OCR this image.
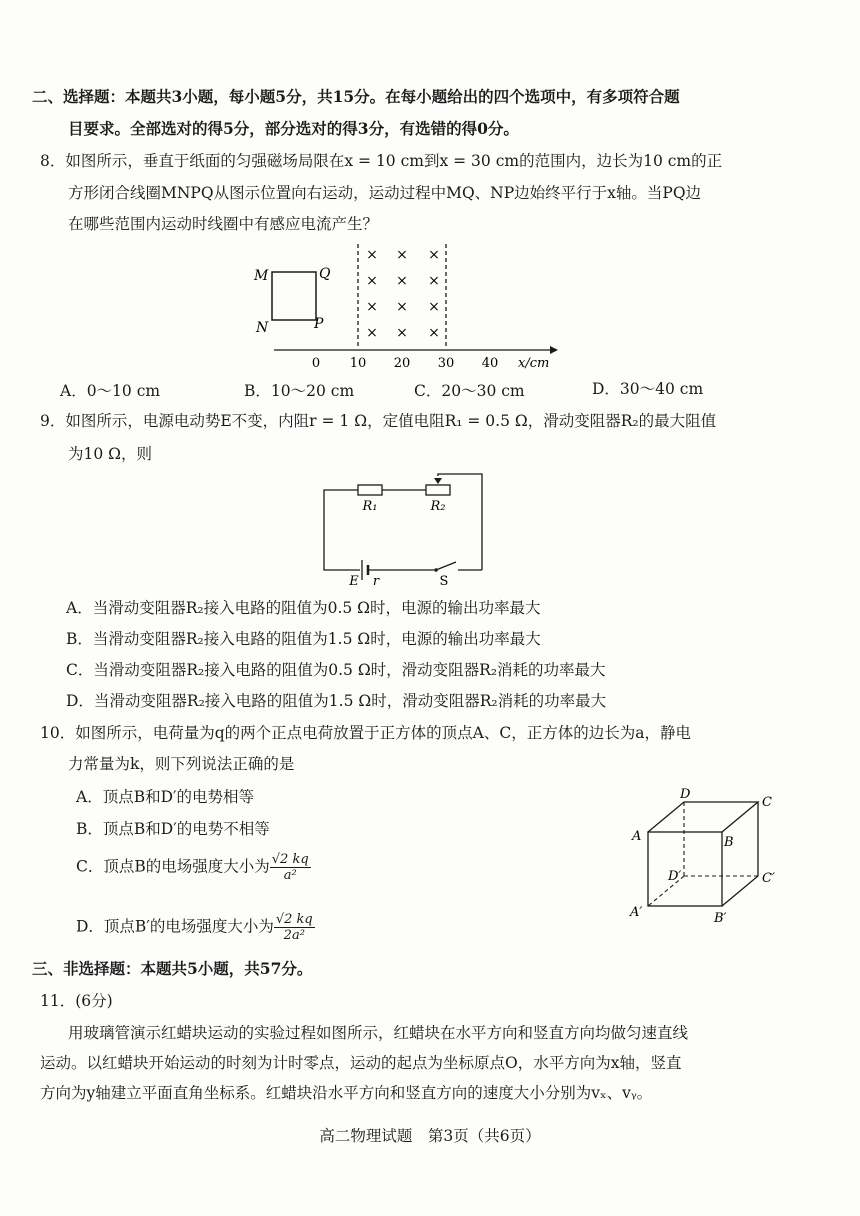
二、选择题：本题共3小题，每小题5分，共15分。在每小题给出的四个选项中，有多项符合题
目要求。全部选对的得5分，部分选对的得3分，有选错的得0分。
8．如图所示，垂直于纸面的匀强磁场局限在x = 10 cm到x = 30 cm的范围内，边长为10 cm的正
方形闭合线圈MNPQ从图示位置向右运动，运动过程中MQ、NP边始终平行于x轴。当PQ边
在哪些范围内运动时线圈中有感应电流产生？
M	Q
N	P
× × ×
× × ×
× × ×
× × ×
0 10 20 30 40 x/cm
A．0～10 cm	B．10～20 cm	C．20～30 cm	D．30～40 cm
9．如图所示，电源电动势E不变，内阻r = 1 Ω，定值电阻R₁ = 0.5 Ω，滑动变阻器R₂的最大阻值
为10 Ω，则
R₁	R₂
E r	S
A．当滑动变阻器R₂接入电路的阻值为0.5 Ω时，电源的输出功率最大
B．当滑动变阻器R₂接入电路的阻值为1.5 Ω时，电源的输出功率最大
C．当滑动变阻器R₂接入电路的阻值为0.5 Ω时，滑动变阻器R₂消耗的功率最大
D．当滑动变阻器R₂接入电路的阻值为1.5 Ω时，滑动变阻器R₂消耗的功率最大
10．如图所示，电荷量为q的两个正点电荷放置于正方体的顶点A、C，正方体的边长为a，静电
力常量为k，则下列说法正确的是
A．顶点B和D′的电势相等
B．顶点B和D′的电势不相等
C．顶点B的电场强度大小为 $\frac{√2 kq}{\text{a²}}$
D．顶点B′的电场强度大小为 $\frac{√2 kq}{\text{2a²}}$
D
C
A	B
D′	C′
A′	B′
三、非选择题：本题共5小题，共57分。
11．(6分)
用玻璃管演示红蜡块运动的实验过程如图所示，红蜡块在水平方向和竖直方向均做匀速直线
运动。以红蜡块开始运动的时刻为计时零点，运动的起点为坐标原点O，水平方向为x轴，竖直
方向为y轴建立平面直角坐标系。红蜡块沿水平方向和竖直方向的速度大小分别为vₓ、vᵧ。
高二物理试题　第3页（共6页）
